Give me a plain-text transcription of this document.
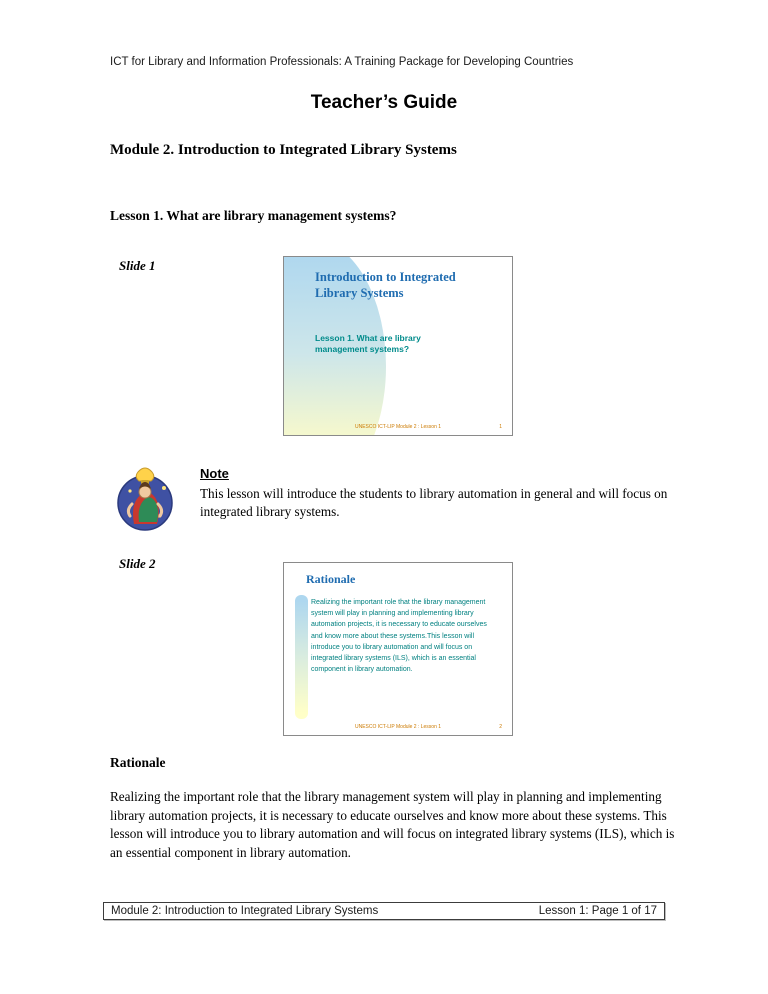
ICT for Library and Information Professionals: A Training Package for Developing Countries
Teacher’s Guide
Module 2. Introduction to Integrated Library Systems
Lesson 1. What are library management systems?
Slide 1
Introduction to Integrated Library Systems
Lesson 1. What are library management systems?
UNESCO ICT-LIP Module 2 : Lesson 1	1
Note
This lesson will introduce the students to library automation in general and will focus on integrated library systems.
Slide 2
Rationale
Realizing the important role that the library management system will play in planning and implementing library automation projects, it is necessary to educate ourselves and know more about these systems.This lesson will introduce you to library automation and will focus on integrated library systems (ILS), which is an essential component in library automation.
UNESCO ICT-LIP Module 2 : Lesson 1	2
Rationale

Realizing the important role that the library management system will play in planning and implementing library automation projects, it is necessary to educate ourselves and know more about these systems. This lesson will introduce you to library automation and will focus on integrated library systems (ILS), which is an essential component in library automation.

Module 2: Introduction to Integrated Library Systems	Lesson 1: Page 1 of 17
